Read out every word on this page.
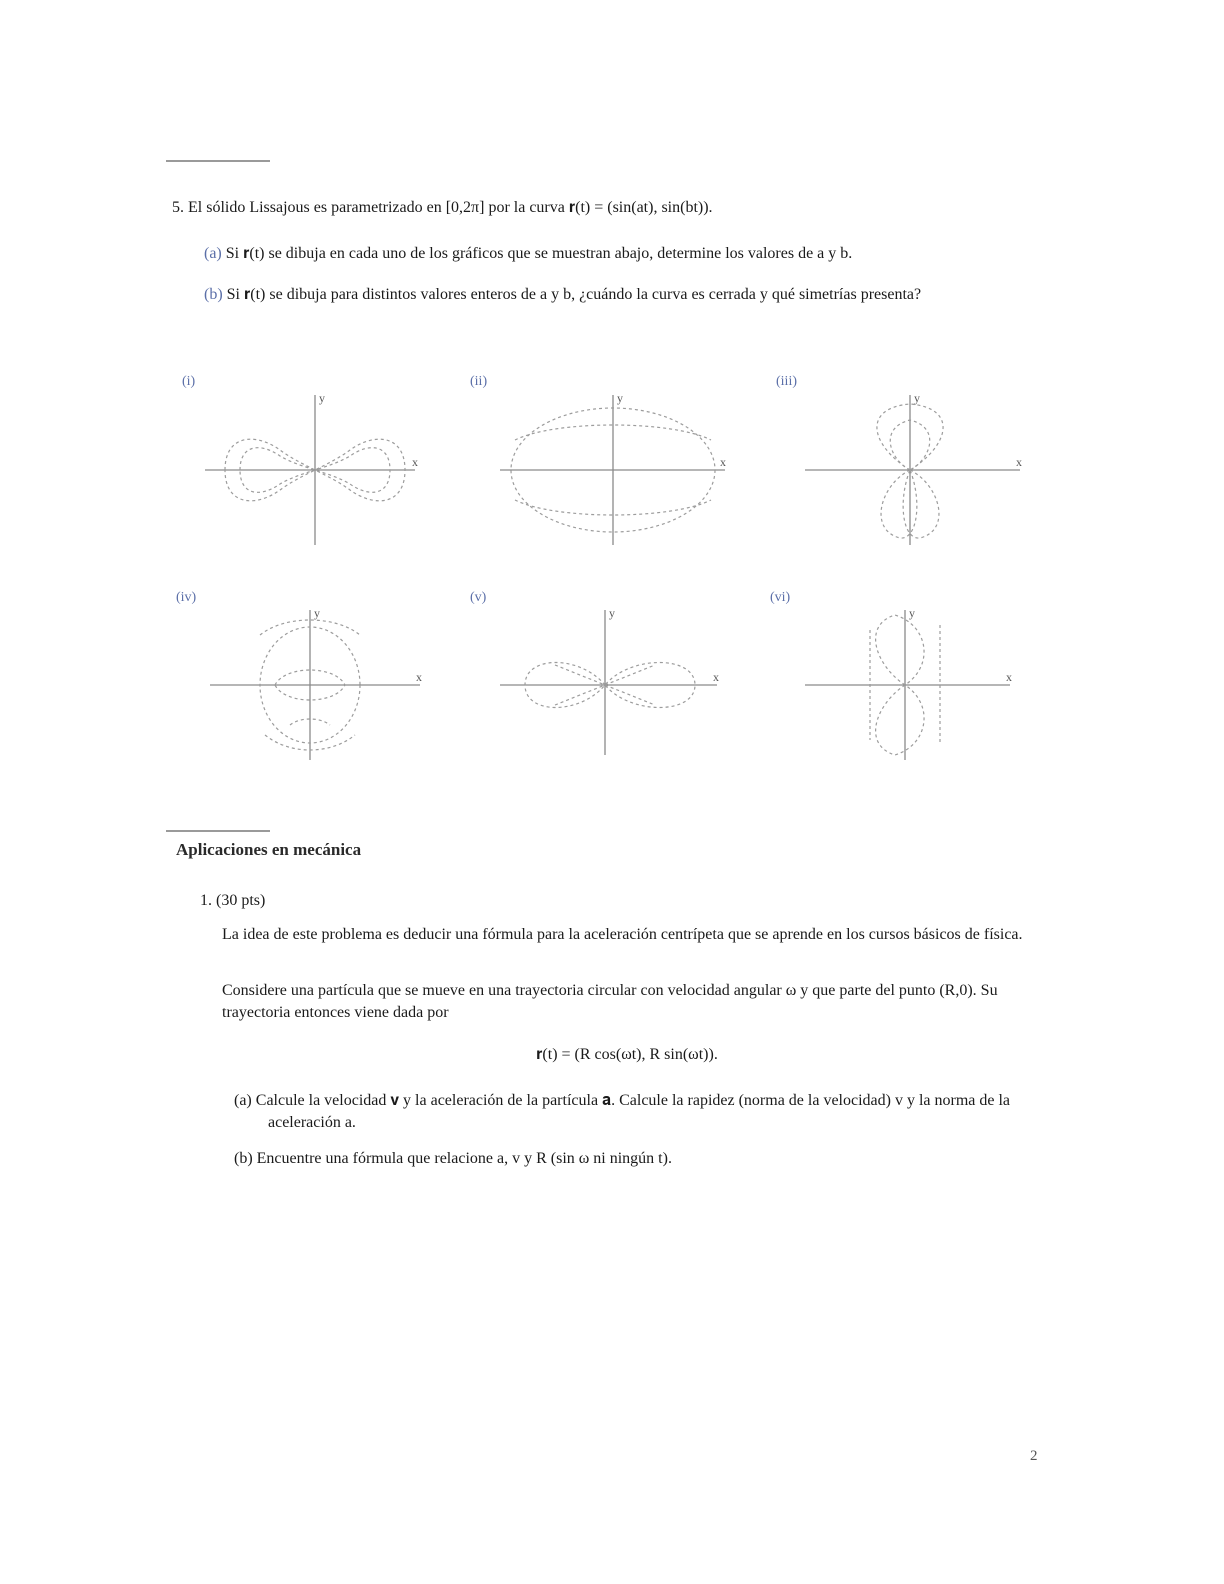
5. El sólido Lissajous es parametrizado en [0,2π] por la curva 𝐫(t) = (sin(at), sin(bt)).
(a) Si 𝐫(t) se dibuja en cada uno de los gráficos que se muestran abajo, determine los valores de a y b.
(b) Si 𝐫(t) se dibuja para distintos valores enteros de a y b, ¿cuándo la curva es cerrada y qué simetrías presenta?
(i)	(ii)	(iii)
(iv)	(v)	(vi)
x
y
x
y
x
y
x
y
x
y
x
y
Aplicaciones en mecánica
1. (30 pts)
La idea de este problema es deducir una fórmula para la aceleración centrípeta que se aprende en los cursos básicos de física.
Considere una partícula que se mueve en una trayectoria circular con velocidad angular ω y que parte del punto (R,0). Su trayectoria entonces viene dada por
𝐫(t) = (R cos(ωt), R sin(ωt)).
(a) Calcule la velocidad 𝐯 y la aceleración de la partícula 𝐚. Calcule la rapidez (norma de la velocidad) v y la norma de la aceleración a.
(b) Encuentre una fórmula que relacione a, v y R (sin ω ni ningún t).
2
